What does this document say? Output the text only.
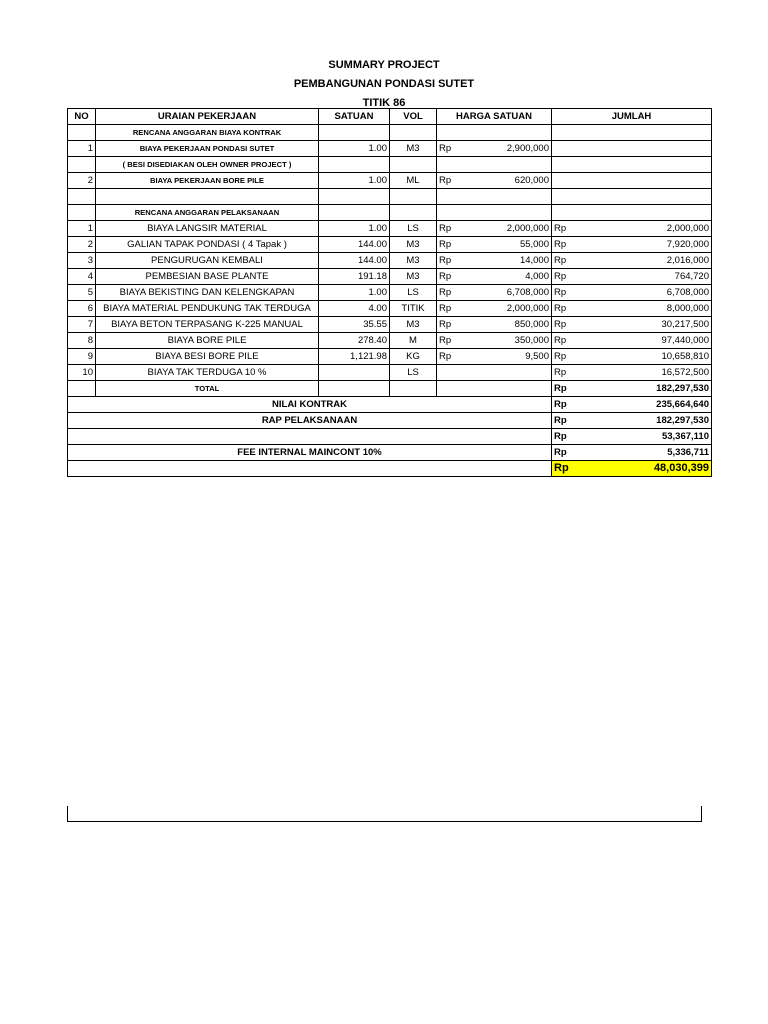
SUMMARY PROJECT
PEMBANGUNAN PONDASI SUTET
TITIK 86
NO	URAIAN PEKERJAAN	SATUAN	VOL	HARGA SATUAN	JUMLAH
	RENCANA ANGGARAN BIAYA KONTRAK				
1	BIAYA PEKERJAAN PONDASI SUTET	1.00	M3	Rp 2,900,000	

	( BESI DISEDIAKAN OLEH OWNER PROJECT )				
2	BIAYA PEKERJAAN BORE PILE	1.00	ML	Rp 620,000	

	RENCANA ANGGARAN PELAKSANAAN				
1	BIAYA LANGSIR MATERIAL	1.00	LS	Rp 2,000,000	Rp 2,000,000

2	GALIAN TAPAK PONDASI ( 4 Tapak )	144.00	M3	Rp 55,000	Rp 7,920,000

3	PENGURUGAN KEMBALI	144.00	M3	Rp 14,000	Rp 2,016,000

4	PEMBESIAN BASE PLANTE	191.18	M3	Rp 4,000	Rp 764,720

5	BIAYA BEKISTING DAN KELENGKAPAN	1.00	LS	Rp 6,708,000	Rp 6,708,000

6	BIAYA MATERIAL PENDUKUNG TAK TERDUGA	4.00	TITIK	Rp 2,000,000	Rp 8,000,000

7	BIAYA BETON TERPASANG K-225 MANUAL	35.55	M3	Rp 850,000	Rp 30,217,500

8	BIAYA BORE PILE	278.40	M	Rp 350,000	Rp 97,440,000

9	BIAYA BESI BORE PILE	1,121.98	KG	Rp 9,500	Rp 10,658,810

10	BIAYA TAK TERDUGA 10 %		LS		Rp 16,572,500

	TOTAL				Rp 182,297,530

NILAI KONTRAK					Rp 235,664,640

RAP PELAKSANAAN					Rp 182,297,530

					Rp 53,367,110

FEE INTERNAL MAINCONT 10%					Rp 5,336,711

					Rp 48,030,399
